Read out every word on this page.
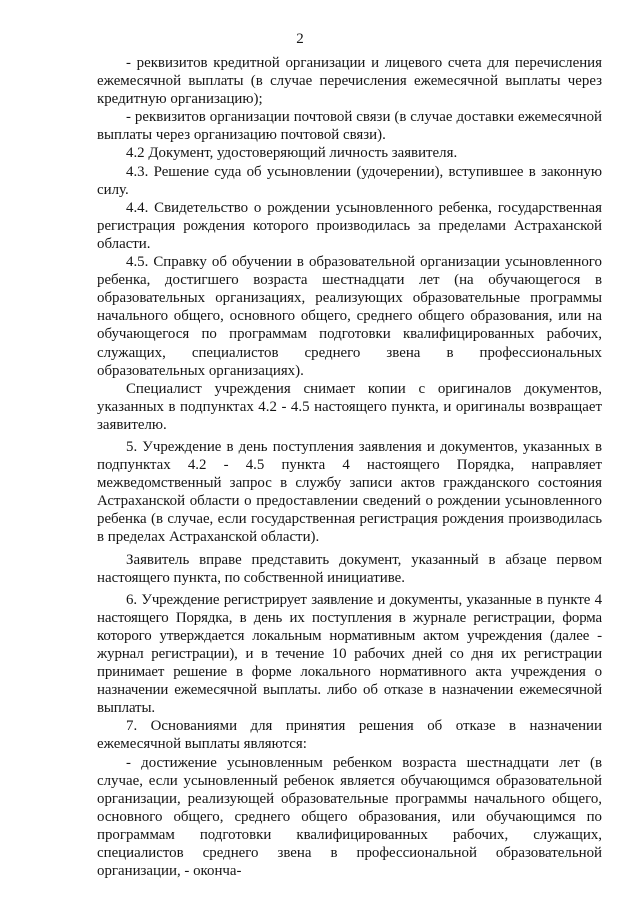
2

- реквизитов кредитной организации и лицевого счета для перечисления ежемесячной выплаты (в случае перечисления ежемесячной выплаты через кредитную организацию);

- реквизитов организации почтовой связи (в случае доставки ежемесячной выплаты через организацию почтовой связи).

4.2 Документ, удостоверяющий личность заявителя.

4.3. Решение суда об усыновлении (удочерении), вступившее в законную силу.

4.4. Свидетельство о рождении усыновленного ребенка, государственная регистрация рождения которого производилась за пределами Астраханской области.

4.5. Справку об обучении в образовательной организации усыновленного ребенка, достигшего возраста шестнадцати лет (на обучающегося в образовательных организациях, реализующих образовательные программы начального общего, основного общего, среднего общего образования, или на обучающегося по программам подготовки квалифицированных рабочих, служащих, специалистов среднего звена в профессиональных образовательных организациях).

Специалист учреждения снимает копии с оригиналов документов, указанных в подпунктах 4.2 - 4.5 настоящего пункта, и оригиналы возвращает заявителю.

5. Учреждение в день поступления заявления и документов, указанных в подпунктах 4.2 - 4.5 пункта 4 настоящего Порядка, направляет межведомственный запрос в службу записи актов гражданского состояния Астраханской области о предоставлении сведений о рождении усыновленного ребенка (в случае, если государственная регистрация рождения производилась в пределах Астраханской области).

Заявитель вправе представить документ, указанный в абзаце первом настоящего пункта, по собственной инициативе.

6. Учреждение регистрирует заявление и документы, указанные в пункте 4 настоящего Порядка, в день их поступления в журнале регистрации, форма которого утверждается локальным нормативным актом учреждения (далее - журнал регистрации), и в течение 10 рабочих дней со дня их регистрации принимает решение в форме локального нормативного акта учреждения о назначении ежемесячной выплаты. либо об отказе в назначении ежемесячной выплаты.

7. Основаниями для принятия решения об отказе в назначении ежемесячной выплаты являются:

- достижение усыновленным ребенком возраста шестнадцати лет (в случае, если усыновленный ребенок является обучающимся образовательной организации, реализующей образовательные программы начального общего, основного общего, среднего общего образования, или обучающимся по программам подготовки квалифицированных рабочих, служащих, специалистов среднего звена в профессиональной образовательной организации, - оконча-
